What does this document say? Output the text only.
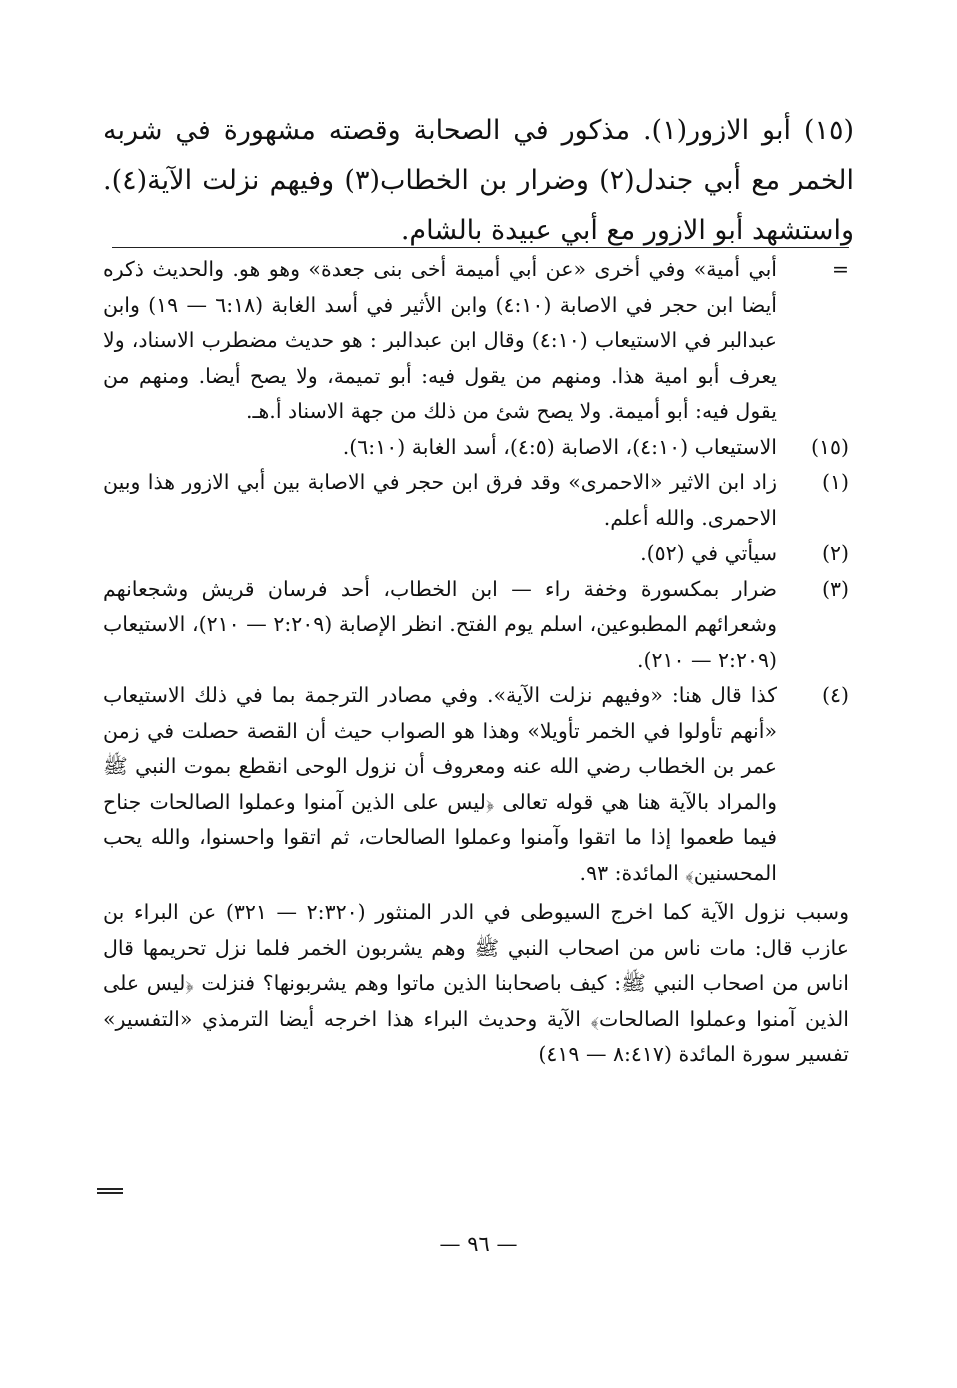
(١٥) أبو الازور(١). مذكور في الصحابة وقصته مشهورة في شربه الخمر مع أبي جندل(٢) وضرار بن الخطاب(٣) وفيهم نزلت الآية(٤). واستشهد أبو الازور مع أبي عبيدة بالشام.

=
أبي أمية» وفي أخرى «عن أبي أميمة أخى بنى جعدة» وهو هو. والحديث ذكره أيضا ابن حجر في الاصابة (٤:١٠) وابن الأثير في أسد الغابة (٦:١٨ — ١٩) وابن عبدالبر في الاستيعاب (٤:١٠) وقال ابن عبدالبر : هو حديث مضطرب الاسناد، ولا يعرف أبو امية هذا. ومنهم من يقول فيه: أبو تميمة، ولا يصح أيضا. ومنهم من يقول فيه: أبو أميمة. ولا يصح شئ من ذلك من جهة الاسناد أ.هـ.
(١٥)
الاستيعاب (٤:١٠)، الاصابة (٤:٥)، أسد الغابة (٦:١٠).
(١)
زاد ابن الاثير «الاحمرى» وقد فرق ابن حجر في الاصابة بين أبي الازور هذا وبين الاحمرى. والله أعلم.
(٢)
سيأتي في (٥٢).
(٣)
ضرار بمكسورة وخفة راء — ابن الخطاب، أحد فرسان قريش وشجعانهم وشعرائهم المطبوعين، اسلم يوم الفتح. انظر الإصابة (٢:٢٠٩ — ٢١٠)، الاستيعاب (٢:٢٠٩ — ٢١٠).
(٤)
كذا قال هنا: «وفيهم نزلت الآية». وفي مصادر الترجمة بما في ذلك الاستيعاب «أنهم تأولوا في الخمر تأويلا» وهذا هو الصواب حيث أن القصة حصلت في زمن عمر بن الخطاب رضي الله عنه ومعروف أن نزول الوحى انقطع بموت النبي ﷺ والمراد بالآية هنا هي قوله تعالى ﴿ليس على الذين آمنوا وعملوا الصالحات جناح فيما طعموا إذا ما اتقوا وآمنوا وعملوا الصالحات، ثم اتقوا واحسنوا، والله يحب المحسنين﴾ المائدة: ٩٣.

وسبب نزول الآية كما اخرج السيوطى في الدر المنثور (٢:٣٢٠ — ٣٢١) عن البراء بن عازب قال: مات ناس من اصحاب النبي ﷺ وهم يشربون الخمر فلما نزل تحريمها قال اناس من اصحاب النبي ﷺ: كيف باصحابنا الذين ماتوا وهم يشربونها؟ فنزلت ﴿ليس على الذين آمنوا وعملوا الصالحات﴾ الآية وحديث البراء هذا اخرجه أيضا الترمذي «التفسير» تفسير سورة المائدة (٨:٤١٧ — ٤١٩)

— ٩٦ —
